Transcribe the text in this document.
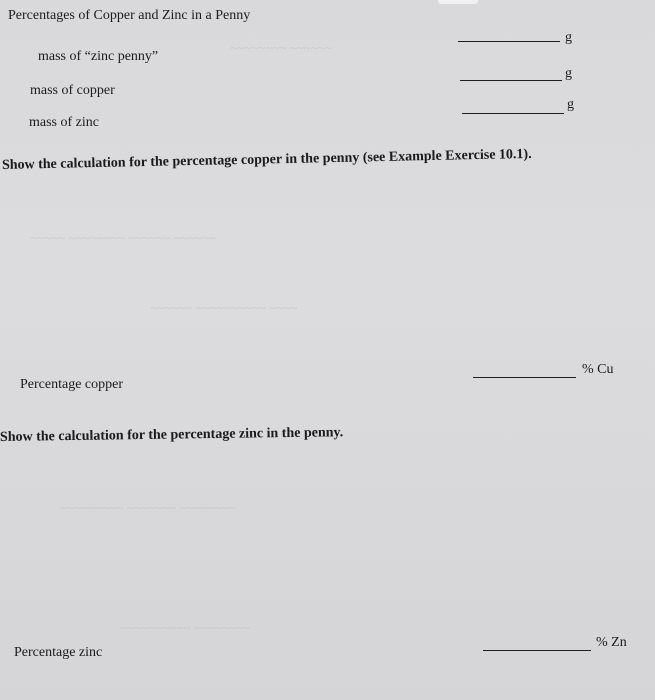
~~~~~~~~ ~~~~~~
~~~~~ ~~~~~~~~ ~~~~~~ ~~~~~~
~~~~~~ ~~~~~~~~~~ ~~~~
~~~~~~~~~ ~~~~~~~ ~~~~~~~~
~~~~~~~~~~ ~~~~~~~~
Percentages of Copper and Zinc in a Penny
mass of “zinc penny”
g
mass of copper
g
mass of zinc
g
Show the calculation for the percentage copper in the penny (see Example Exercise 10.1).
Percentage copper
% Cu
Show the calculation for the percentage zinc in the penny.
Percentage zinc
% Zn
